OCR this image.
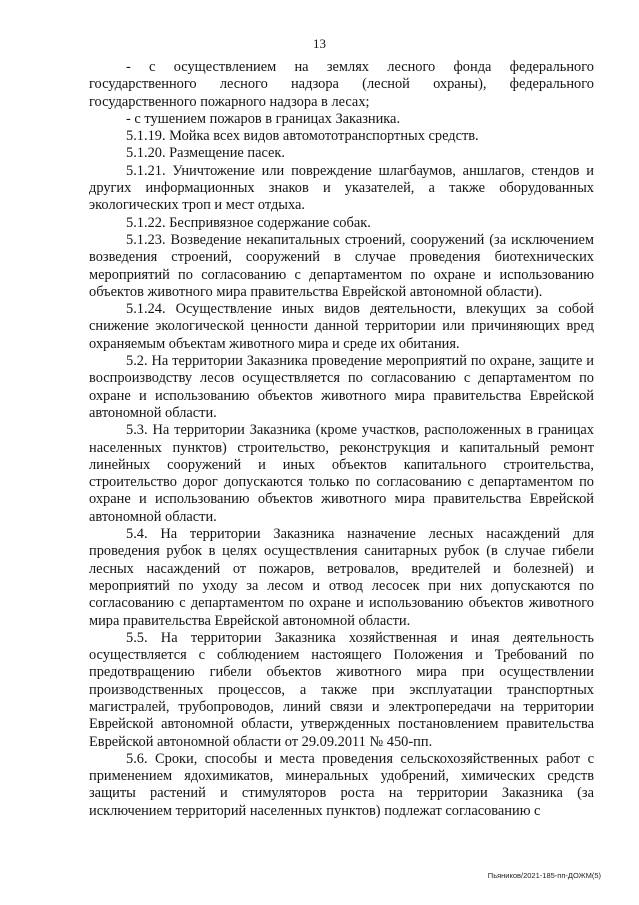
13

- с осуществлением на землях лесного фонда федерального государственного лесного надзора (лесной охраны), федерального государственного пожарного надзора в лесах;

- с тушением пожаров в границах Заказника.

5.1.19. Мойка всех видов автомототранспортных средств.

5.1.20. Размещение пасек.

5.1.21. Уничтожение или повреждение шлагбаумов, аншлагов, стендов и других информационных знаков и указателей, а также оборудованных экологических троп и мест отдыха.

5.1.22. Беспривязное содержание собак.

5.1.23. Возведение некапитальных строений, сооружений (за исключением возведения строений, сооружений в случае проведения биотехнических мероприятий по согласованию с департаментом по охране и использованию объектов животного мира правительства Еврейской автономной области).

5.1.24. Осуществление иных видов деятельности, влекущих за собой снижение экологической ценности данной территории или причиняющих вред охраняемым объектам животного мира и среде их обитания.

5.2. На территории Заказника проведение мероприятий по охране, защите и воспроизводству лесов осуществляется по согласованию с департаментом по охране и использованию объектов животного мира правительства Еврейской автономной области.

5.3. На территории Заказника (кроме участков, расположенных в границах населенных пунктов) строительство, реконструкция и капитальный ремонт линейных сооружений и иных объектов капитального строительства, строительство дорог допускаются только по согласованию с департаментом по охране и использованию объектов животного мира правительства Еврейской автономной области.

5.4. На территории Заказника назначение лесных насаждений для проведения рубок в целях осуществления санитарных рубок (в случае гибели лесных насаждений от пожаров, ветровалов, вредителей и болезней) и мероприятий по уходу за лесом и отвод лесосек при них допускаются по согласованию с департаментом по охране и использованию объектов животного мира правительства Еврейской автономной области.

5.5. На территории Заказника хозяйственная и иная деятельность осуществляется с соблюдением настоящего Положения и Требований по предотвращению гибели объектов животного мира при осуществлении производственных процессов, а также при эксплуатации транспортных магистралей, трубопроводов, линий связи и электропередачи на территории Еврейской автономной области, утвержденных постановлением правительства Еврейской автономной области от 29.09.2011 № 450-пп.

5.6. Сроки, способы и места проведения сельскохозяйственных работ с применением ядохимикатов, минеральных удобрений, химических средств защиты растений и стимуляторов роста на территории Заказника (за исключением территорий населенных пунктов) подлежат согласованию с

Пьяников/2021-185-пп-ДОЖМ(5)
